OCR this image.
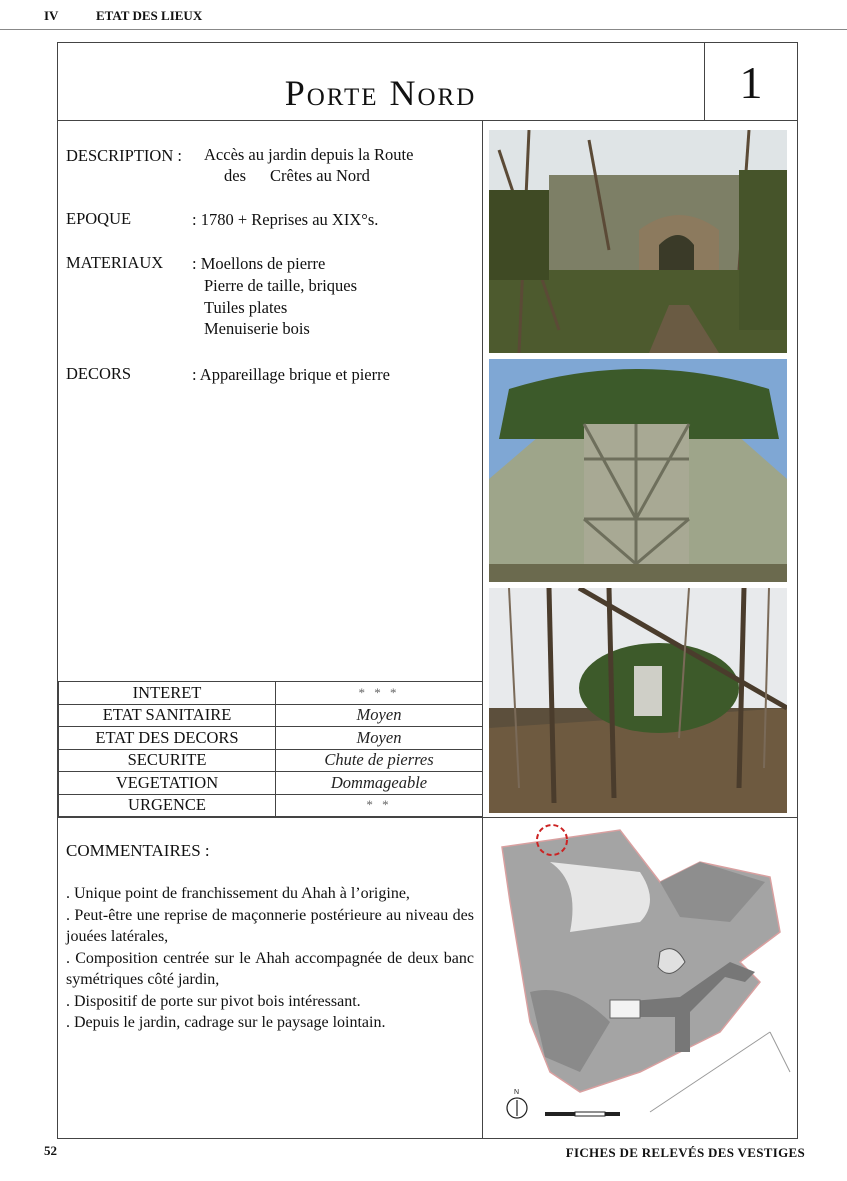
IV	ETAT DES LIEUX
Porte Nord	1
DESCRIPTION : Accès au jardin depuis la Route
des Crêtes au Nord
EPOQUE	: 1780 + Reprises au XIX°s.
MATERIAUX : Moellons de pierre
Pierre de taille, briques
Tuiles plates
Menuiserie bois
DECORS	: Appareillage brique et pierre
INTERET	* * *
ETAT SANITAIRE	Moyen
ETAT DES DECORS	Moyen
SECURITE	Chute de pierres
VEGETATION	Dommageable
URGENCE	* *
COMMENTAIRES :
. Unique point de franchissement du Ahah à l’origine,
. Peut-être une reprise de maçonnerie postérieure au niveau des jouées latérales,
. Composition centrée sur le Ahah accompagnée de deux banc symétriques côté jardin,
. Dispositif de porte sur pivot bois intéressant.
. Depuis le jardin, cadrage sur le paysage lointain.
N
52	FICHES DE RELEVÉS DES VESTIGES
